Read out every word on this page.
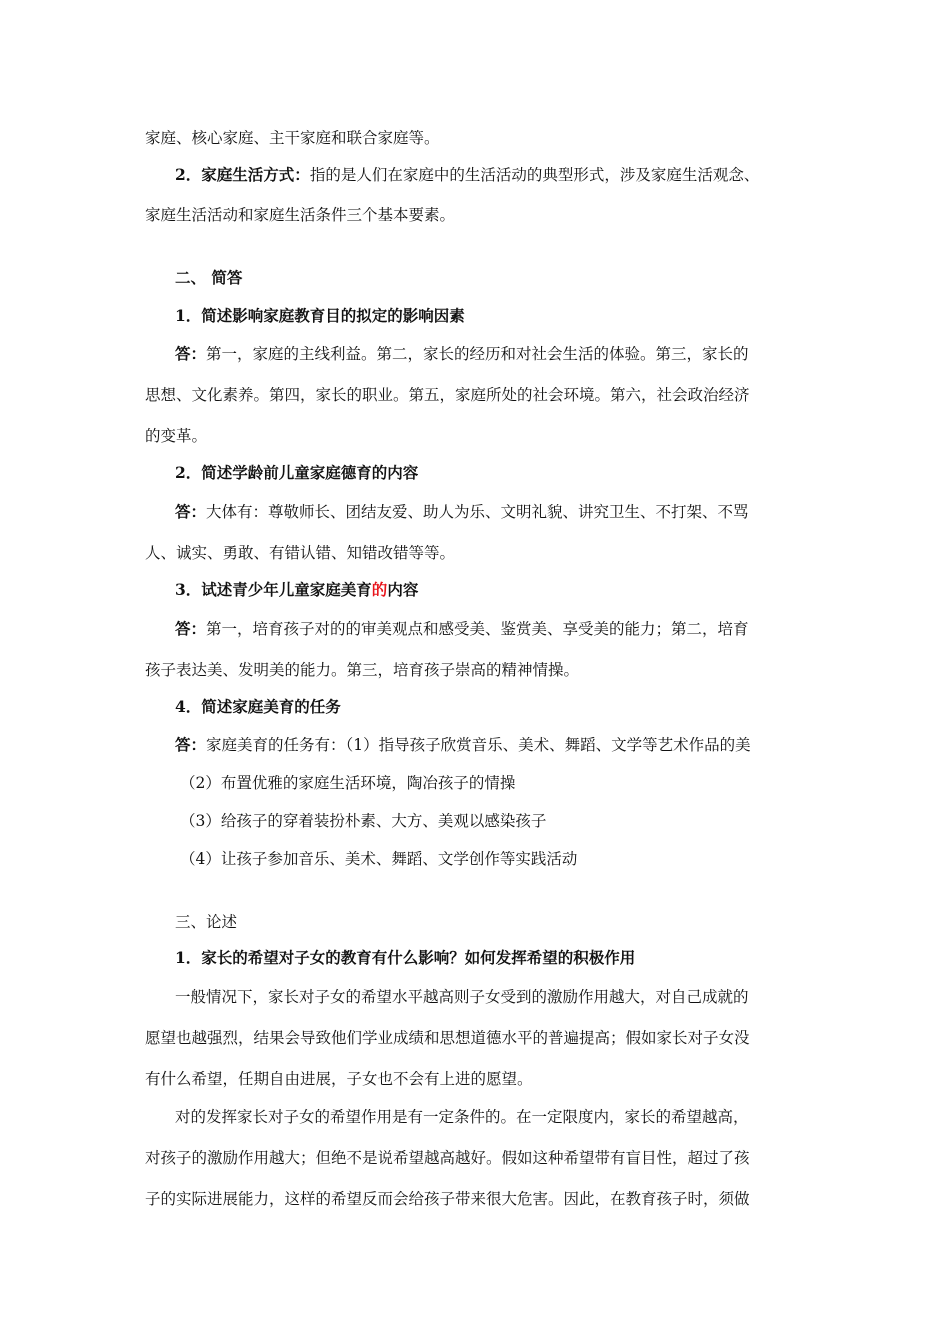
家庭、核心家庭、主干家庭和联合家庭等。
2．家庭生活方式：指的是人们在家庭中的生活活动的典型形式，涉及家庭生活观念、
家庭生活活动和家庭生活条件三个基本要素。
二、 简答
1．简述影响家庭教育目的拟定的影响因素
答：第一，家庭的主线利益。第二，家长的经历和对社会生活的体验。第三，家长的
思想、文化素养。第四，家长的职业。第五，家庭所处的社会环境。第六，社会政治经济
的变革。
2．简述学龄前儿童家庭德育的内容
答：大体有：尊敬师长、团结友爱、助人为乐、文明礼貌、讲究卫生、不打架、不骂
人、诚实、勇敢、有错认错、知错改错等等。
3．试述青少年儿童家庭美育的内容
答：第一，培育孩子对的的审美观点和感受美、鉴赏美、享受美的能力；第二，培育
孩子表达美、发明美的能力。第三，培育孩子崇高的精神情操。
4．简述家庭美育的任务
答：家庭美育的任务有：（1）指导孩子欣赏音乐、美术、舞蹈、文学等艺术作品的美
（2）布置优雅的家庭生活环境，陶冶孩子的情操
（3）给孩子的穿着装扮朴素、大方、美观以感染孩子
（4）让孩子参加音乐、美术、舞蹈、文学创作等实践活动
三、论述
1．家长的希望对子女的教育有什么影响？如何发挥希望的积极作用
一般情况下，家长对子女的希望水平越高则子女受到的激励作用越大，对自己成就的
愿望也越强烈，结果会导致他们学业成绩和思想道德水平的普遍提高；假如家长对子女没
有什么希望，任期自由进展，子女也不会有上进的愿望。
对的发挥家长对子女的希望作用是有一定条件的。在一定限度内，家长的希望越高，
对孩子的激励作用越大；但绝不是说希望越高越好。假如这种希望带有盲目性，超过了孩
子的实际进展能力，这样的希望反而会给孩子带来很大危害。因此，在教育孩子时，须做
